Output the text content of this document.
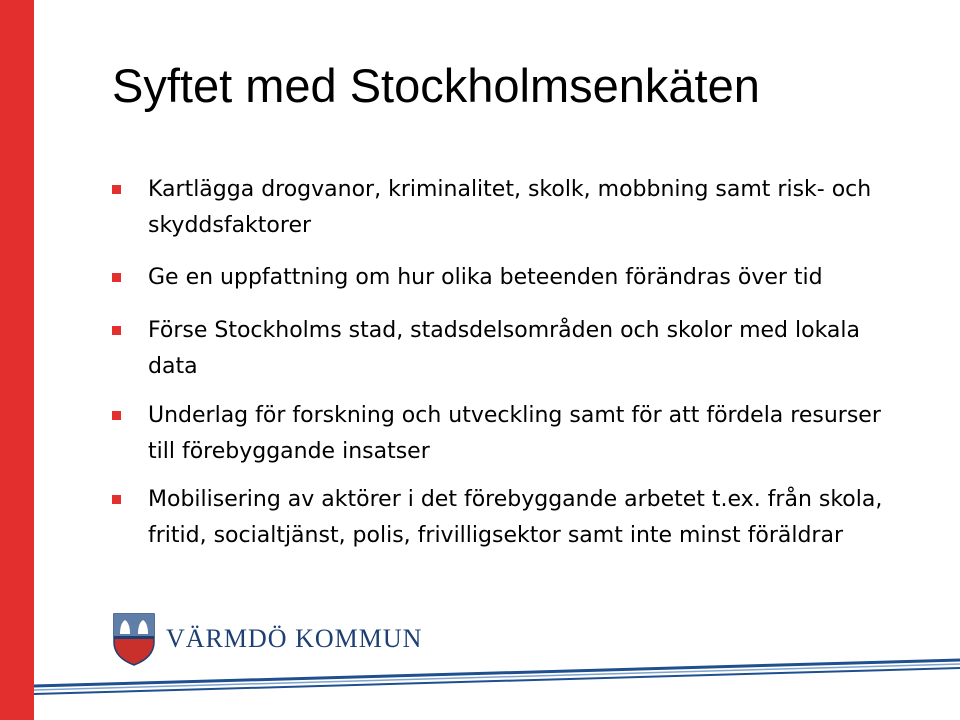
Syftet med Stockholmsenkäten
Kartlägga drogvanor, kriminalitet, skolk, mobbning samt risk- och skyddsfaktorer
Ge en uppfattning om hur olika beteenden förändras över tid
Förse Stockholms stad, stadsdelsområden och skolor med lokala data
Underlag för forskning och utveckling samt för att fördela resurser till förebyggande insatser
Mobilisering av aktörer i det förebyggande arbetet t.ex. från skola, fritid, socialtjänst, polis, frivilligsektor samt inte minst föräldrar
VÄRMDÖ KOMMUN
